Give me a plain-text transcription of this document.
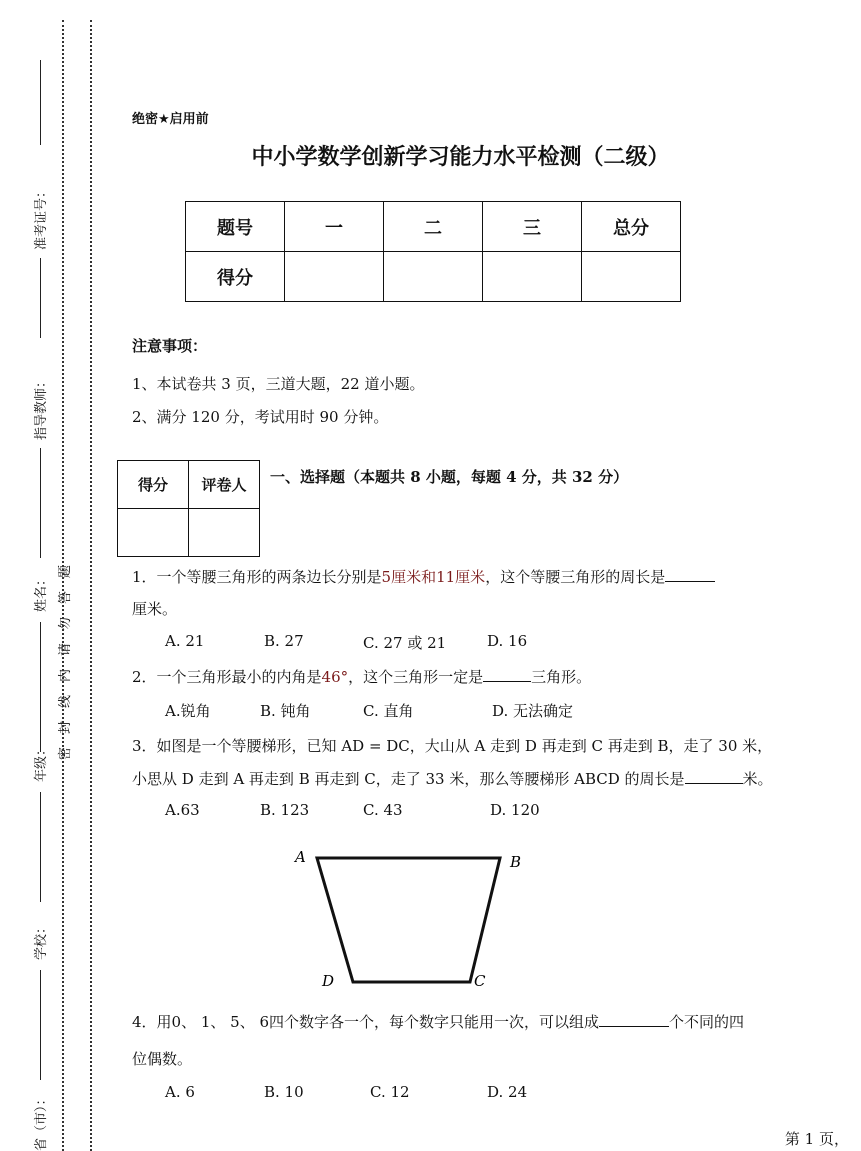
准考证号：
指导教师：
姓名：
年级：
学校：
省（市）：
密　封　线　内　请　勿　答　题
绝密★启用前
中小学数学创新学习能力水平检测（二级）
题号	一	二	三	总分
得分				
注意事项：
1、本试卷共 3 页，三道大题，22 道小题。
2、满分 120 分，考试用时 90 分钟。
得分	评卷人
	一、选择题（本题共 8 小题，每题 4 分，共 32 分）
1．一个等腰三角形的两条边长分别是5厘米和11厘米，这个等腰三角形的周长是
厘米。
A. 21	B. 27	C. 27 或 21	D. 16
2．一个三角形最小的内角是46°，这个三角形一定是	三角形。
A.锐角	B. 钝角	C. 直角	D. 无法确定
3．如图是一个等腰梯形，已知 AD = DC，大山从 A 走到 D 再走到 C 再走到 B，走了 30 米，
小思从 D 走到 A 再走到 B 再走到 C，走了 33 米，那么等腰梯形 ABCD 的周长是	米。
A.63	B. 123	C. 43	D. 120
A	B
C
D
4．用0、 1、 5、 6四个数字各一个，每个数字只能用一次，可以组成	个不同的四
位偶数。
A. 6	B. 10	C. 12	D. 24
第 1 页，
